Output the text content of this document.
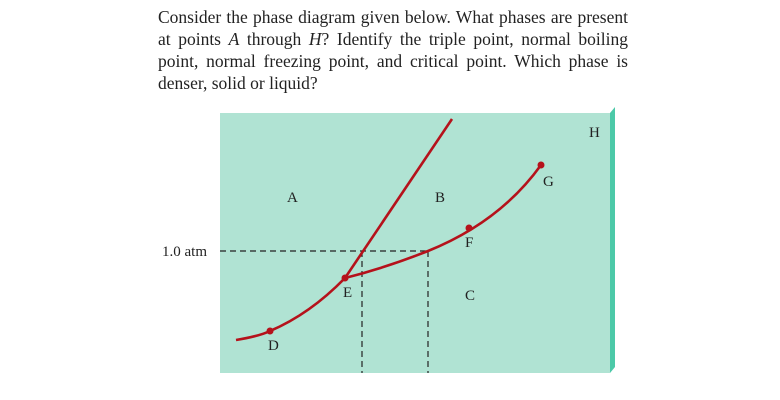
Consider the phase diagram given below. What phases are present at points A through H? Identify the triple point, normal boiling point, normal freezing point, and critical point. Which phase is denser, solid or liquid?
1.0 atm
A	B
C
H
D
E
F
G
